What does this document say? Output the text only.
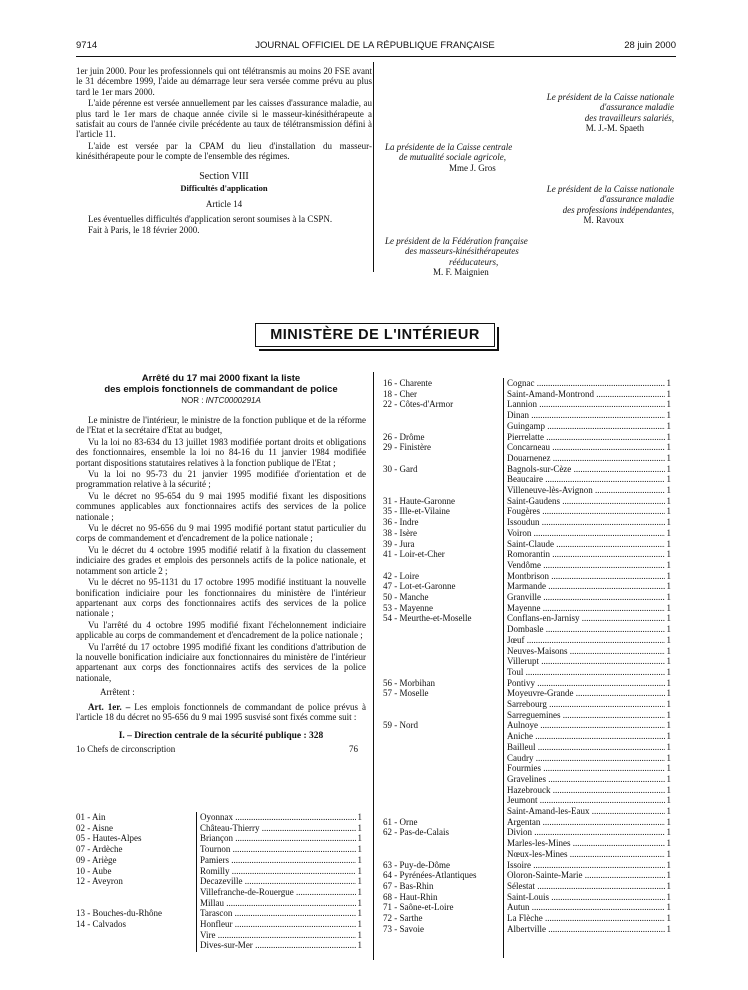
9714	JOURNAL OFFICIEL DE LA RÉPUBLIQUE FRANÇAISE	28 juin 2000

1er juin 2000. Pour les professionnels qui ont télétransmis au moins 20 FSE avant le 31 décembre 1999, l'aide au démarrage leur sera versée comme prévu au plus tard le 1er mars 2000.

L'aide pérenne est versée annuellement par les caisses d'assurance maladie, au plus tard le 1er mars de chaque année civile si le masseur-kinésithérapeute a satisfait au cours de l'année civile précédente au taux de télétransmission défini à l'article 11.

L'aide est versée par la CPAM du lieu d'installation du masseur-kinésithérapeute pour le compte de l'ensemble des régimes.

Section VIII

Difficultés d'application

Article 14

Les éventuelles difficultés d'application seront soumises à la CSPN.

Fait à Paris, le 18 février 2000.

Le président de la Caisse nationale
d'assurance maladie
des travailleurs salariés,
M. J.-M. Spaeth
La présidente de la Caisse centrale
de mutualité sociale agricole,
Mme J. Gros
Le président de la Caisse nationale
d'assurance maladie
des professions indépendantes,
M. Ravoux
Le président de la Fédération française
des masseurs-kinésithérapeutes
rééducateurs,
M. F. Maignien
MINISTÈRE DE L'INTÉRIEUR
Arrêté du 17 mai 2000 fixant la liste
des emplois fonctionnels de commandant de police
NOR : INTC0000291A

Le ministre de l'intérieur, le ministre de la fonction publique et de la réforme de l'Etat et la secrétaire d'Etat au budget,

Vu la loi no 83-634 du 13 juillet 1983 modifiée portant droits et obligations des fonctionnaires, ensemble la loi no 84-16 du 11 janvier 1984 modifiée portant dispositions statutaires relatives à la fonction publique de l'Etat ;

Vu la loi no 95-73 du 21 janvier 1995 modifiée d'orientation et de programmation relative à la sécurité ;

Vu le décret no 95-654 du 9 mai 1995 modifié fixant les dispositions communes applicables aux fonctionnaires actifs des services de la police nationale ;

Vu le décret no 95-656 du 9 mai 1995 modifié portant statut particulier du corps de commandement et d'encadrement de la police nationale ;

Vu le décret du 4 octobre 1995 modifié relatif à la fixation du classement indiciaire des grades et emplois des personnels actifs de la police nationale, et notamment son article 2 ;

Vu le décret no 95-1131 du 17 octobre 1995 modifié instituant la nouvelle bonification indiciaire pour les fonctionnaires du ministère de l'intérieur appartenant aux corps des fonctionnaires actifs des services de la police nationale ;

Vu l'arrêté du 4 octobre 1995 modifié fixant l'échelonnement indiciaire applicable au corps de commandement et d'encadrement de la police nationale ;

Vu l'arrêté du 17 octobre 1995 modifié fixant les conditions d'attribution de la nouvelle bonification indiciaire aux fonctionnaires du ministère de l'intérieur appartenant aux corps des fonctionnaires actifs des services de la police nationale,

Arrêtent :

Art. 1er. – Les emplois fonctionnels de commandant de police prévus à l'article 18 du décret no 95-656 du 9 mai 1995 susvisé sont fixés comme suit :

I. – Direction centrale de la sécurité publique : 328

1o Chefs de circonscription	76
01 - Ain	Oyonnax .....	1
02 - Aisne	Château-Thierry .....	1
05 - Hautes-Alpes	Briançon .....	1
07 - Ardèche	Tournon .....	1
09 - Ariège	Pamiers .....	1
10 - Aube	Romilly .....	1
12 - Aveyron	Decazeville .....	1
Villefranche-de-Rouergue .....	1
Millau .....	1
13 - Bouches-du-Rhône	Tarascon .....	1
14 - Calvados	Honfleur .....	1
Vire .....	1
Dives-sur-Mer .....	1
16 - Charente	Cognac .....	1
18 - Cher	Saint-Amand-Montrond .....	1
22 - Côtes-d'Armor	Lannion .....	1
Dinan .....	1
Guingamp .....	1
26 - Drôme	Pierrelatte .....	1
29 - Finistère	Concarneau .....	1
Douarnenez .....	1
30 - Gard	Bagnols-sur-Cèze .....	1
Beaucaire .....	1
Villeneuve-lès-Avignon .....	1
31 - Haute-Garonne	Saint-Gaudens .....	1
35 - Ille-et-Vilaine	Fougères .....	1
36 - Indre	Issoudun .....	1
38 - Isère	Voiron .....	1
39 - Jura	Saint-Claude .....	1
41 - Loir-et-Cher	Romorantin .....	1
Vendôme .....	1
42 - Loire	Montbrison .....	1
47 - Lot-et-Garonne	Marmande .....	1
50 - Manche	Granville .....	1
53 - Mayenne	Mayenne .....	1
54 - Meurthe-et-Moselle	Conflans-en-Jarnisy .....	1
Dombasle .....	1
Jœuf .....	1
Neuves-Maisons .....	1
Villerupt .....	1
Toul .....	1
56 - Morbihan	Pontivy .....	1
57 - Moselle	Moyeuvre-Grande .....	1
Sarrebourg .....	1
Sarreguemines .....	1
59 - Nord	Aulnoye .....	1
Aniche .....	1
Bailleul .....	1
Caudry .....	1
Fourmies .....	1
Gravelines .....	1
Hazebrouck .....	1
Jeumont .....	1
Saint-Amand-les-Eaux .....	1
61 - Orne	Argentan .....	1
62 - Pas-de-Calais	Divion .....	1
Marles-les-Mines .....	1
Nœux-les-Mines .....	1
63 - Puy-de-Dôme	Issoire .....	1
64 - Pyrénées-Atlantiques	Oloron-Sainte-Marie .....	1
67 - Bas-Rhin	Sélestat .....	1
68 - Haut-Rhin	Saint-Louis .....	1
71 - Saône-et-Loire	Autun .....	1
72 - Sarthe	La Flèche .....	1
73 - Savoie	Albertville .....	1
